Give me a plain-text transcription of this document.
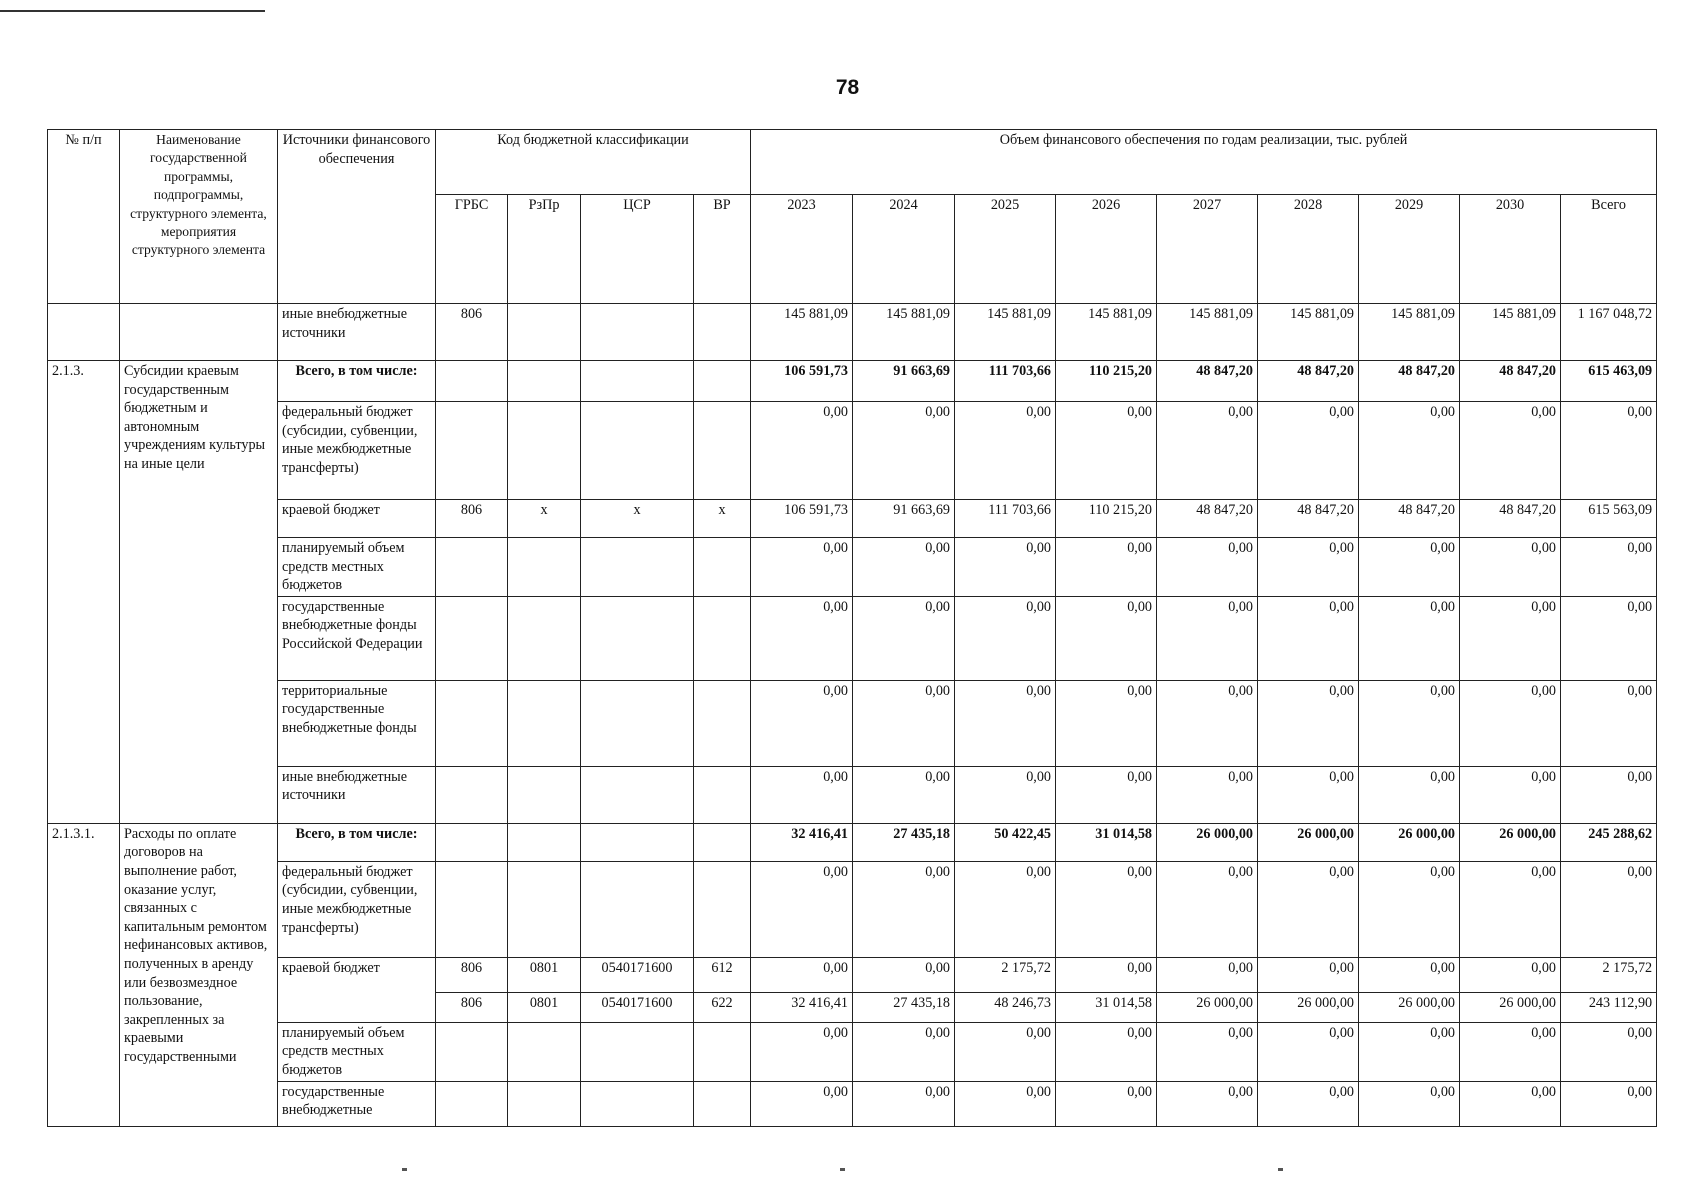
78
№ п/п	Наименование государственной программы, подпрограммы, структурного элемента, мероприятия структурного элемента	Источники финансового обеспечения	Код бюджетной классификации				Объем финансового обеспечения по годам реализации, тыс. рублей								
			ГРБС	РзПр	ЦСР	ВР	2023	2024	2025	2026	2027	2028	2029	2030	Всего
		иные внебюджетные источники	806				145 881,09	145 881,09	145 881,09	145 881,09	145 881,09	145 881,09	145 881,09	145 881,09	1 167 048,72
2.1.3.	Субсидии краевым государственным бюджетным и автономным учреждениям культуры на иные цели	Всего, в том числе:					106 591,73	91 663,69	111 703,66	110 215,20	48 847,20	48 847,20	48 847,20	48 847,20	615 463,09
		федеральный бюджет (субсидии, субвенции, иные межбюджетные трансферты)					0,00	0,00	0,00	0,00	0,00	0,00	0,00	0,00	0,00
		краевой бюджет	806	x	x	x	106 591,73	91 663,69	111 703,66	110 215,20	48 847,20	48 847,20	48 847,20	48 847,20	615 563,09
		планируемый объем средств местных бюджетов					0,00	0,00	0,00	0,00	0,00	0,00	0,00	0,00	0,00
		государственные внебюджетные фонды Российской Федерации					0,00	0,00	0,00	0,00	0,00	0,00	0,00	0,00	0,00
		территориальные государственные внебюджетные фонды					0,00	0,00	0,00	0,00	0,00	0,00	0,00	0,00	0,00
		иные внебюджетные источники					0,00	0,00	0,00	0,00	0,00	0,00	0,00	0,00	0,00
2.1.3.1.	Расходы по оплате договоров на выполнение работ, оказание услуг, связанных с капитальным ремонтом нефинансовых активов, полученных в аренду или безвозмездное пользование, закрепленных за краевыми государственными	Всего, в том числе:					32 416,41	27 435,18	50 422,45	31 014,58	26 000,00	26 000,00	26 000,00	26 000,00	245 288,62
		федеральный бюджет (субсидии, субвенции, иные межбюджетные трансферты)					0,00	0,00	0,00	0,00	0,00	0,00	0,00	0,00	0,00
		краевой бюджет	806	0801	0540171600	612	0,00	0,00	2 175,72	0,00	0,00	0,00	0,00	0,00	2 175,72
			806	0801	0540171600	622	32 416,41	27 435,18	48 246,73	31 014,58	26 000,00	26 000,00	26 000,00	26 000,00	243 112,90
		планируемый объем средств местных бюджетов					0,00	0,00	0,00	0,00	0,00	0,00	0,00	0,00	0,00
		государственные внебюджетные					0,00	0,00	0,00	0,00	0,00	0,00	0,00	0,00	0,00
